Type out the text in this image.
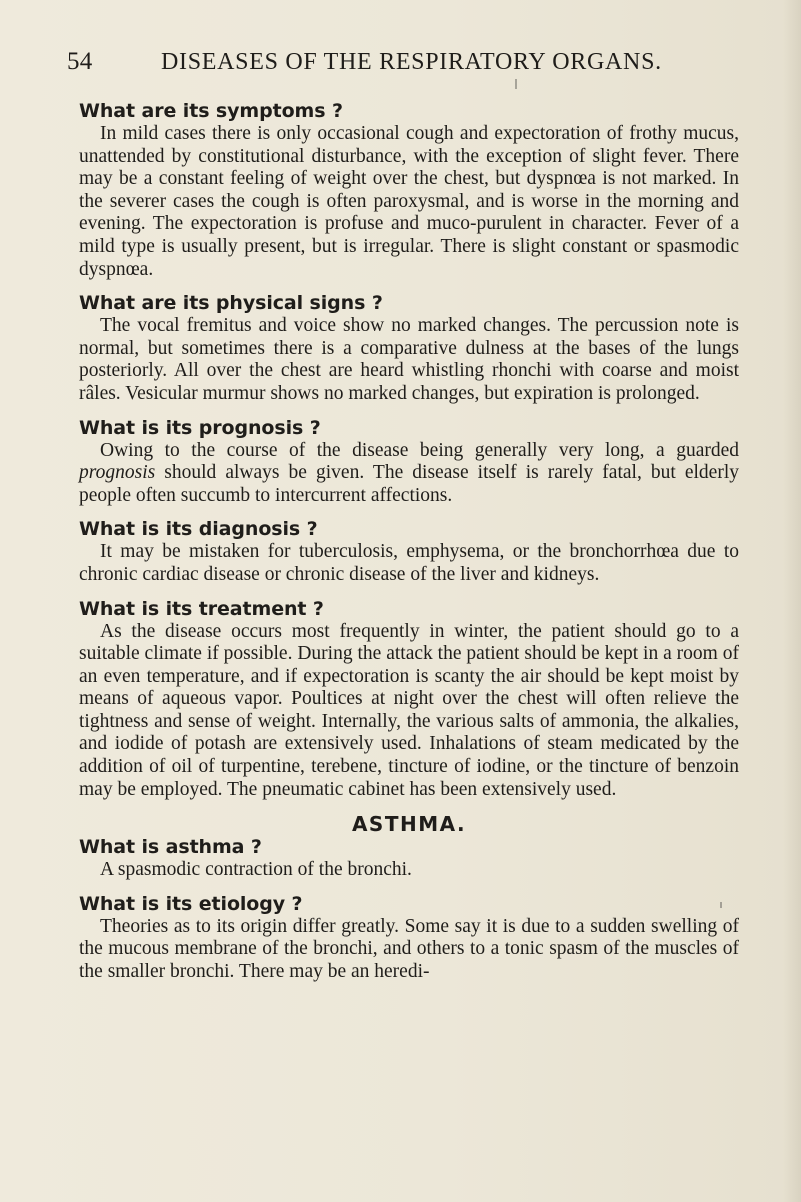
54	DISEASES OF THE RESPIRATORY ORGANS.
What are its symptoms ?

In mild cases there is only occasional cough and expectoration of frothy mucus, unattended by constitutional disturbance, with the exception of slight fever. There may be a constant feeling of weight over the chest, but dyspnœa is not marked. In the severer cases the cough is often paroxysmal, and is worse in the morning and evening. The expectoration is profuse and muco-purulent in character. Fever of a mild type is usually present, but is irregular. There is slight constant or spasmodic dyspnœa.

What are its physical signs ?

The vocal fremitus and voice show no marked changes. The percussion note is normal, but sometimes there is a comparative dulness at the bases of the lungs posteriorly. All over the chest are heard whistling rhonchi with coarse and moist râles. Vesicular murmur shows no marked changes, but expiration is prolonged.

What is its prognosis ?

Owing to the course of the disease being generally very long, a guarded prognosis should always be given. The disease itself is rarely fatal, but elderly people often succumb to intercurrent affections.

What is its diagnosis ?

It may be mistaken for tuberculosis, emphysema, or the bronchorrhœa due to chronic cardiac disease or chronic disease of the liver and kidneys.

What is its treatment ?

As the disease occurs most frequently in winter, the patient should go to a suitable climate if possible. During the attack the patient should be kept in a room of an even temperature, and if expectoration is scanty the air should be kept moist by means of aqueous vapor. Poultices at night over the chest will often relieve the tightness and sense of weight. Internally, the various salts of ammonia, the alkalies, and iodide of potash are extensively used. Inhalations of steam medicated by the addition of oil of turpentine, terebene, tincture of iodine, or the tincture of benzoin may be employed. The pneumatic cabinet has been extensively used.

ASTHMA.
What is asthma ?

A spasmodic contraction of the bronchi.

What is its etiology ?

Theories as to its origin differ greatly. Some say it is due to a sudden swelling of the mucous membrane of the bronchi, and others to a tonic spasm of the muscles of the smaller bronchi. There may be an heredi-
